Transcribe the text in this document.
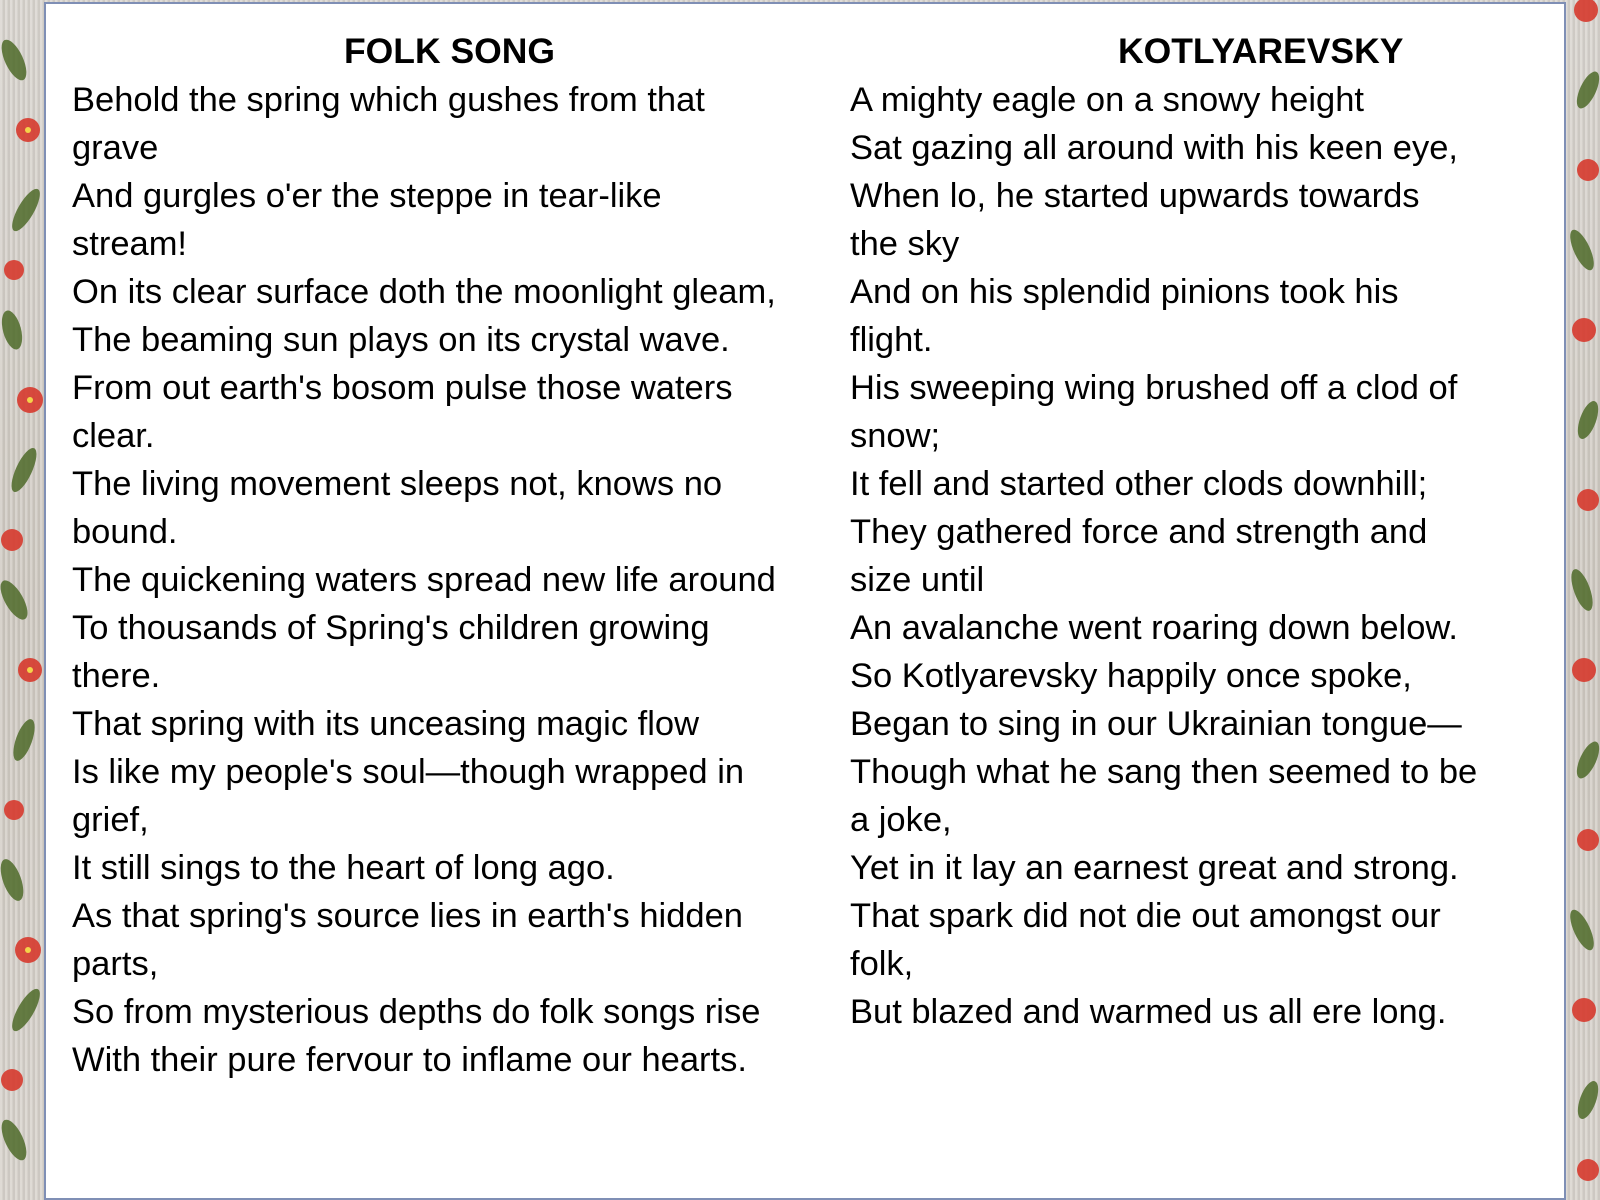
FOLK SONG
Behold the spring which gushes from that
grave
And gurgles o'er the steppe in tear-like
stream!
On its clear surface doth the moonlight gleam,
The beaming sun plays on its crystal wave.
From out earth's bosom pulse those waters
clear.
The living movement sleeps not, knows no
bound.
The quickening waters spread new life around
To thousands of Spring's children growing
there.
That spring with its unceasing magic flow
Is like my people's soul—though wrapped in
grief,
It still sings to the heart of long ago.
As that spring's source lies in earth's hidden
parts,
So from mysterious depths do folk songs rise
With their pure fervour to inflame our hearts.
KOTLYAREVSKY
A mighty eagle on a snowy height
Sat gazing all around with his keen eye,
When lo, he started upwards towards
the sky
And on his splendid pinions took his
flight.
His sweeping wing brushed off a clod of
snow;
It fell and started other clods downhill;
They gathered force and strength and
size until
An avalanche went roaring down below.
So Kotlyarevsky happily once spoke,
Began to sing in our Ukrainian tongue—
Though what he sang then seemed to be
a joke,
Yet in it lay an earnest great and strong.
That spark did not die out amongst our
folk,
But blazed and warmed us all ere long.
